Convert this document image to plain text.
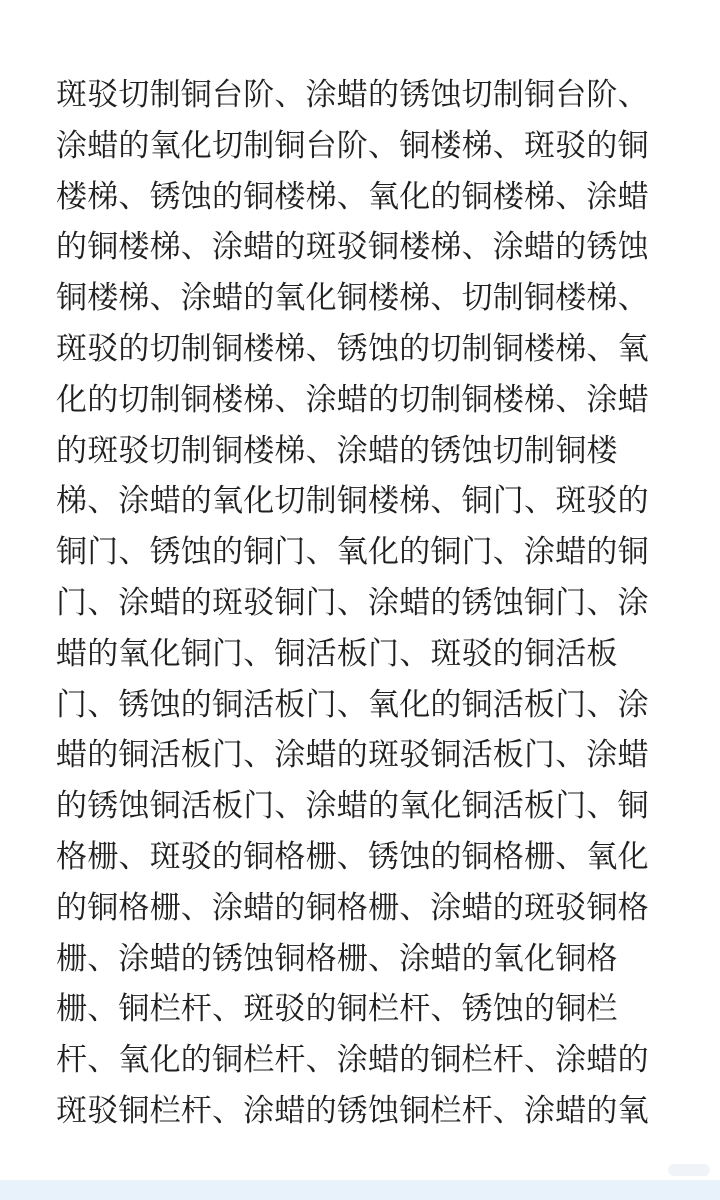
斑驳切制铜台阶、涂蜡的锈蚀切制铜台阶、
涂蜡的氧化切制铜台阶、铜楼梯、斑驳的铜
楼梯、锈蚀的铜楼梯、氧化的铜楼梯、涂蜡
的铜楼梯、涂蜡的斑驳铜楼梯、涂蜡的锈蚀
铜楼梯、涂蜡的氧化铜楼梯、切制铜楼梯、
斑驳的切制铜楼梯、锈蚀的切制铜楼梯、氧
化的切制铜楼梯、涂蜡的切制铜楼梯、涂蜡
的斑驳切制铜楼梯、涂蜡的锈蚀切制铜楼
梯、涂蜡的氧化切制铜楼梯、铜门、斑驳的
铜门、锈蚀的铜门、氧化的铜门、涂蜡的铜
门、涂蜡的斑驳铜门、涂蜡的锈蚀铜门、涂
蜡的氧化铜门、铜活板门、斑驳的铜活板
门、锈蚀的铜活板门、氧化的铜活板门、涂
蜡的铜活板门、涂蜡的斑驳铜活板门、涂蜡
的锈蚀铜活板门、涂蜡的氧化铜活板门、铜
格栅、斑驳的铜格栅、锈蚀的铜格栅、氧化
的铜格栅、涂蜡的铜格栅、涂蜡的斑驳铜格
栅、涂蜡的锈蚀铜格栅、涂蜡的氧化铜格
栅、铜栏杆、斑驳的铜栏杆、锈蚀的铜栏
杆、氧化的铜栏杆、涂蜡的铜栏杆、涂蜡的
斑驳铜栏杆、涂蜡的锈蚀铜栏杆、涂蜡的氧
